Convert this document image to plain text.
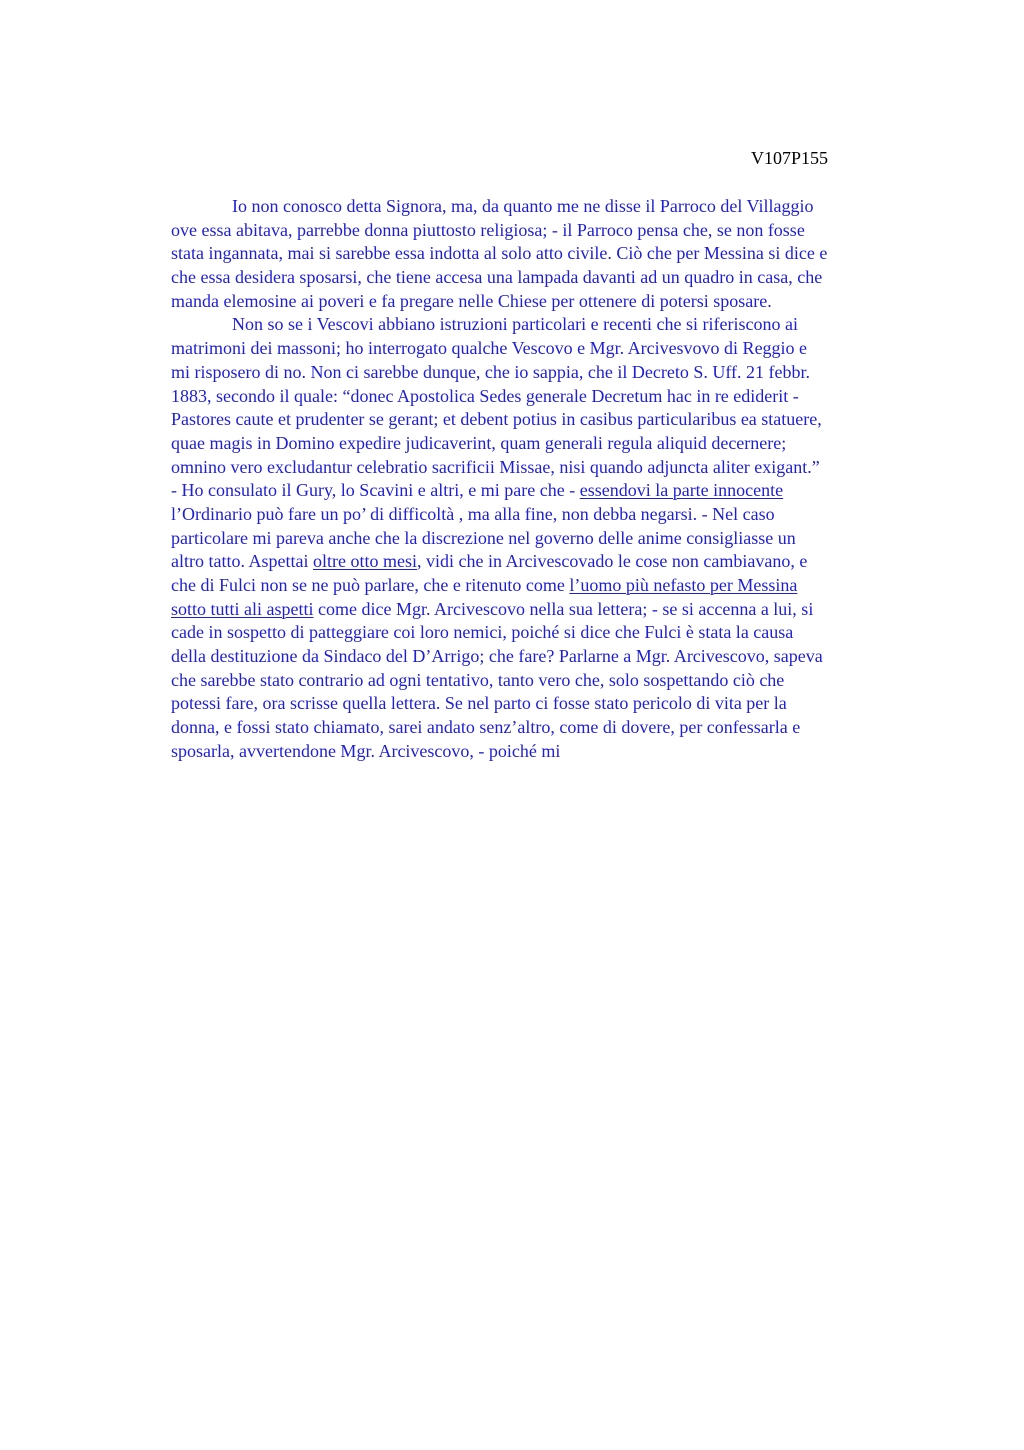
V107P155

Io non conosco detta Signora, ma, da quanto me ne disse il Parroco del Villaggio
ove essa abitava, parrebbe donna piuttosto religiosa; - il Parroco pensa che, se non fosse
stata ingannata, mai si sarebbe essa indotta al solo atto civile. Ciò che per Messina si dice e
che essa desidera sposarsi, che tiene accesa una lampada davanti ad un quadro in casa, che
manda elemosine ai poveri e fa pregare nelle Chiese per ottenere di potersi sposare.
Non so se i Vescovi abbiano istruzioni particolari e recenti che si riferiscono ai
matrimoni dei massoni; ho interrogato qualche Vescovo e Mgr. Arcivesvovo di Reggio e
mi risposero di no. Non ci sarebbe dunque, che io sappia, che il Decreto S. Uff. 21 febbr.
1883, secondo il quale: “donec Apostolica Sedes generale Decretum hac in re ediderit -
Pastores caute et prudenter se gerant; et debent potius in casibus particularibus ea statuere,
quae magis in Domino expedire judicaverint, quam generali regula aliquid decernere;
omnino vero excludantur celebratio sacrificii Missae, nisi quando adjuncta aliter exigant.”
- Ho consulato il Gury, lo Scavini e altri, e mi pare che - essendovi la parte innocente
l’Ordinario può fare un po’ di difficoltà , ma alla fine, non debba negarsi. - Nel caso
particolare mi pareva anche che la discrezione nel governo delle anime consigliasse un
altro tatto. Aspettai oltre otto mesi, vidi che in Arcivescovado le cose non cambiavano, e
che di Fulci non se ne può parlare, che e ritenuto come l’uomo più nefasto per Messina
sotto tutti ali aspetti come dice Mgr. Arcivescovo nella sua lettera; - se si accenna a lui, si
cade in sospetto di patteggiare coi loro nemici, poiché si dice che Fulci è stata la causa
della destituzione da Sindaco del D’Arrigo; che fare? Parlarne a Mgr. Arcivescovo, sapeva
che sarebbe stato contrario ad ogni tentativo, tanto vero che, solo sospettando ciò che
potessi fare, ora scrisse quella lettera. Se nel parto ci fosse stato pericolo di vita per la
donna, e fossi stato chiamato, sarei andato senz’altro, come di dovere, per confessarla e
sposarla, avvertendone Mgr. Arcivescovo, - poiché mi
